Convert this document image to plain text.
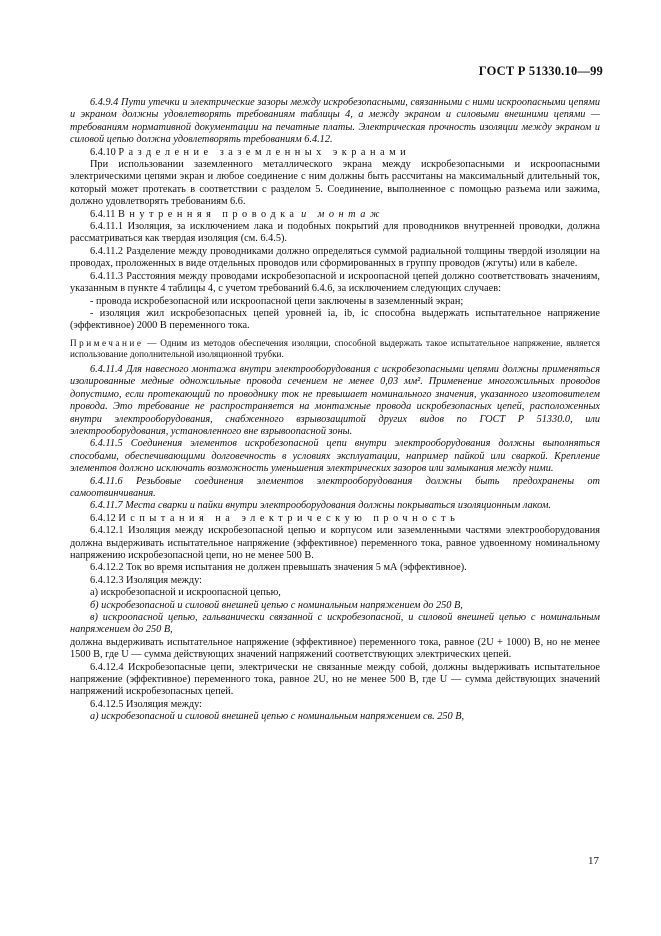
ГОСТ Р 51330.10—99

6.4.9.4 Пути утечки и электрические зазоры между искробезопасными, связанными с ними искроопасными цепями и экраном должны удовлетворять требованиям таблицы 4, а между экраном и силовыми внешними цепями — требованиям нормативной документации на печатные платы. Электрическая прочность изоляции между экраном и силовой цепью должна удовлетворять требованиям 6.4.12.

6.4.10 Разделение заземленных экранами

При использовании заземленного металлического экрана между искробезопасными и искроопасными электрическими цепями экран и любое соединение с ним должны быть рассчитаны на максимальный длительный ток, который может протекать в соответствии с разделом 5. Соединение, выполненное с помощью разъема или зажима, должно удовлетворять требованиям 6.6.

6.4.11 Внутренняя проводка и монтаж

6.4.11.1 Изоляция, за исключением лака и подобных покрытий для проводников внутренней проводки, должна рассматриваться как твердая изоляция (см. 6.4.5).

6.4.11.2 Разделение между проводниками должно определяться суммой радиальной толщины твердой изоляции на проводах, проложенных в виде отдельных проводов или сформированных в группу проводов (жгуты) или в кабеле.

6.4.11.3 Расстояния между проводами искробезопасной и искроопасной цепей должно соответствовать значениям, указанным в пункте 4 таблицы 4, с учетом требований 6.4.6, за исключением следующих случаев:

- провода искробезопасной или искроопасной цепи заключены в заземленный экран;

- изоляция жил искробезопасных цепей уровней ia, ib, ic способна выдержать испытательное напряжение (эффективное) 2000 В переменного тока.

Примечание — Одним из методов обеспечения изоляции, способной выдержать такое испытательное напряжение, является использование дополнительной изоляционной трубки.

6.4.11.4 Для навесного монтажа внутри электрооборудования с искробезопасными цепями должны применяться изолированные медные одножильные провода сечением не менее 0,03 мм². Применение многожильных проводов допустимо, если протекающий по проводнику ток не превышает номинального значения, указанного изготовителем провода. Это требование не распространяется на монтажные провода искробезопасных цепей, расположенных внутри электрооборудования, снабженного взрывозащитой других видов по ГОСТ Р 51330.0, или электрооборудования, установленного вне взрывоопасной зоны.

6.4.11.5 Соединения элементов искробезопасной цепи внутри электрооборудования должны выполняться способами, обеспечивающими долговечность в условиях эксплуатации, например пайкой или сваркой. Крепление элементов должно исключать возможность уменьшения электрических зазоров или замыкания между ними.

6.4.11.6 Резьбовые соединения элементов электрооборудования должны быть предохранены от самоотвинчивания.

6.4.11.7 Места сварки и пайки внутри электрооборудования должны покрываться изоляционным лаком.

6.4.12 Испытания на электрическую прочность

6.4.12.1 Изоляция между искробезопасной цепью и корпусом или заземленными частями электрооборудования должна выдерживать испытательное напряжение (эффективное) переменного тока, равное удвоенному номинальному напряжению искробезопасной цепи, но не менее 500 В.

6.4.12.2 Ток во время испытания не должен превышать значения 5 мА (эффективное).

6.4.12.3 Изоляция между:

а) искробезопасной и искроопасной цепью,

б) искробезопасной и силовой внешней цепью с номинальным напряжением до 250 В,

в) искроопасной цепью, гальванически связанной с искробезопасной, и силовой внешней цепью с номинальным напряжением до 250 В,

должна выдерживать испытательное напряжение (эффективное) переменного тока, равное (2U + 1000) В, но не менее 1500 В, где U — сумма действующих значений напряжений соответствующих электрических цепей.

6.4.12.4 Искробезопасные цепи, электрически не связанные между собой, должны выдерживать испытательное напряжение (эффективное) переменного тока, равное 2U, но не менее 500 В, где U — сумма действующих значений напряжений искробезопасных цепей.

6.4.12.5 Изоляция между:

а) искробезопасной и силовой внешней цепью с номинальным напряжением св. 250 В,

17
